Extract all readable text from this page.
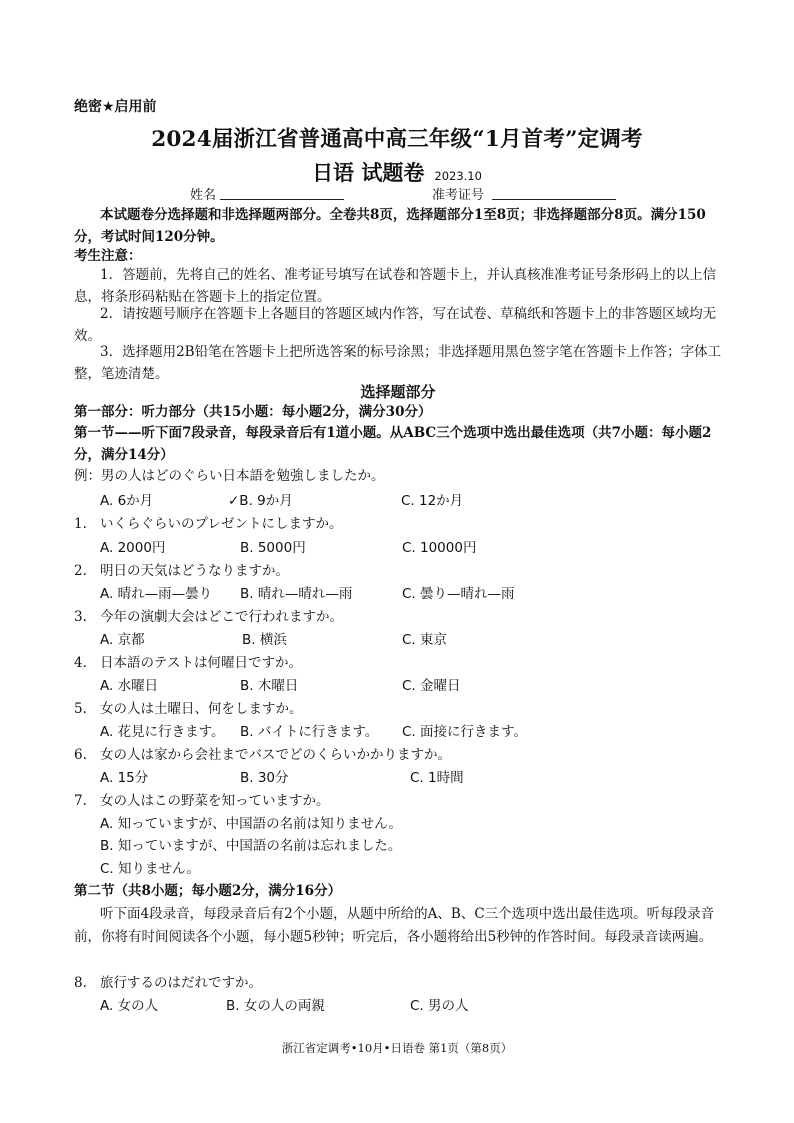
绝密★启用前
2024届浙江省普通高中高三年级“1月首考”定调考
日语 试题卷 2023.10
姓名	准考证号
本试题卷分选择题和非选择题两部分。全卷共8页，选择题部分1至8页；非选择题部分8页。满分150分，考试时间120分钟。
考生注意：
1．答题前，先将自己的姓名、准考证号填写在试卷和答题卡上，并认真核准准考证号条形码上的以上信息，将条形码粘贴在答题卡上的指定位置。
2．请按题号顺序在答题卡上各题目的答题区域内作答，写在试卷、草稿纸和答题卡上的非答题区域均无效。
3．选择题用2B铅笔在答题卡上把所选答案的标号涂黑；非选择题用黑色签字笔在答题卡上作答；字体工整，笔迹清楚。
选择题部分
第一部分：听力部分（共15小题：每小题2分，满分30分）
第一节——听下面7段录音，每段录音后有1道小题。从ABC三个选项中选出最佳选项（共7小题：每小题2分，满分14分）
例：男の人はどのぐらい日本語を勉強しましたか。
A. 6か月	✓B. 9か月	C. 12か月
1. いくらぐらいのプレゼントにしますか。
A. 2000円	B. 5000円	C. 10000円
2. 明日の天気はどうなりますか。
A. 晴れ—雨—曇り B. 晴れ—晴れ—雨	C. 曇り—晴れ—雨
3. 今年の演劇大会はどこで行われますか。
A. 京都	B. 横浜	C. 東京
4. 日本語のテストは何曜日ですか。
A. 水曜日	B. 木曜日	C. 金曜日
5. 女の人は土曜日、何をしますか。
A. 花見に行きます。 B. バイトに行きます。 C. 面接に行きます。
6. 女の人は家から会社までバスでどのくらいかかりますか。
A. 15分	B. 30分	C. 1時間
7. 女の人はこの野菜を知っていますか。
A. 知っていますが、中国語の名前は知りません。
B. 知っていますが、中国語の名前は忘れました。
C. 知りません。
第二节（共8小题；每小题2分，满分16分）
听下面4段录音，每段录音后有2个小题，从题中所给的A、B、C三个选项中选出最佳选项。听每段录音前，你将有时间阅读各个小题，每小题5秒钟；听完后，各小题将给出5秒钟的作答时间。每段录音读两遍。
8. 旅行するのはだれですか。
A. 女の人	B. 女の人の両親	C. 男の人
浙江省定调考•10月•日语卷 第1页（第8页）
